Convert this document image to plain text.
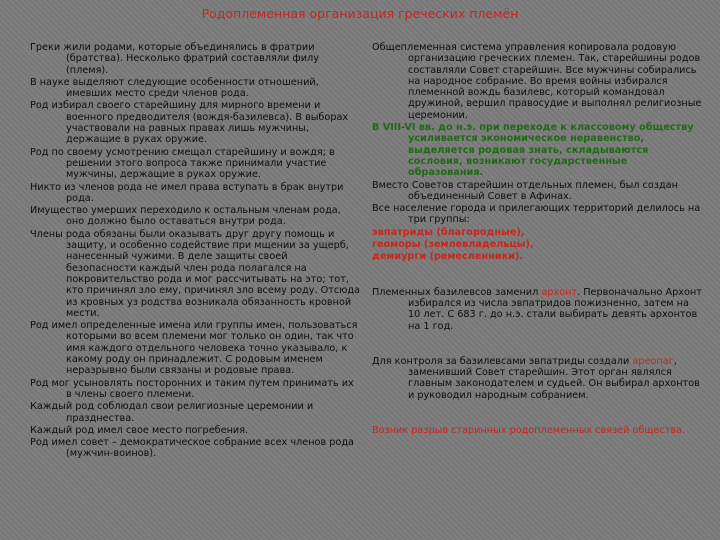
Родоплеменная организация греческих племён

Греки жили родами, которые объединялись в фратрии (братства). Несколько фратрий составляли филу (племя).

В науке выделяют следующие особенности отношений, имевших место среди членов рода.

Род избирал своего старейшину для мирного времени и военного предводителя (вождя-базилевса). В выборах участвовали на равных правах лишь мужчины, держащие в руках оружие.

Род по своему усмотрению смещал старейшину и вождя; в решении этого вопроса также принимали участие мужчины, держащие в руках оружие.

Никто из членов рода не имел права вступать в брак внутри рода.

Имущество умерших переходило к остальным членам рода, оно должно было оставаться внутри рода.

Члены рода обязаны были оказывать друг другу помощь и защиту, и особенно содействие при мщении за ущерб, нанесенный чужими. В деле защиты своей безопасности каждый член рода полагался на покровительство рода и мог рассчитывать на это; тот, кто причинял зло ему, причинял зло всему роду. Отсюда из кровных уз родства возникала обязанность кровной мести.

Род имел определенные имена или группы имен, пользоваться которыми во всем племени мог только он один, так что имя каждого отдельного человека точно указывало, к какому роду он принадлежит. С родовым именем неразрывно были связаны и родовые права.

Род мог усыновлять посторонних и таким путем принимать их в члены своего племени.

Каждый род соблюдал свои религиозные церемонии и празднества.

Каждый род имел свое место погребения.

Род имел совет – демократическое собрание всех членов рода (мужчин-воинов).

Общеплеменная система управления копировала родовую организацию греческих племен. Так, старейшины родов составляли Совет старейшин. Все мужчины собирались на народное собрание. Во время войны избирался племенной вождь базилевс, который командовал дружиной, вершил правосудие и выполнял религиозные церемонии.

В VIII-VI вв. до н.э. при переходе к классовому обществу усиливается экономическое неравенство, выделяется родовая знать, складываются сословия, возникают государственные образования.

Вместо Советов старейшин отдельных племен, был создан объединенный Совет в Афинах.

Все население города и прилегающих территорий делилось на три группы:

эвпатриды (благородные),

геоморы (землевладельцы),

демиурги (ремесленники).

Племенных базилевсов заменил архонт. Первоначально Архонт избирался из числа эвпатридов пожизненно, затем на 10 лет. С 683 г. до н.э. стали выбирать девять архонтов на 1 год.

Для контроля за базилевсами эвпатриды создали ареопаг, заменивший Совет старейшин. Этот орган являлся главным законодателем и судьей. Он выбирал архонтов и руководил народным собранием.

Возник разрыв старинных родоплеменных связей общества.
